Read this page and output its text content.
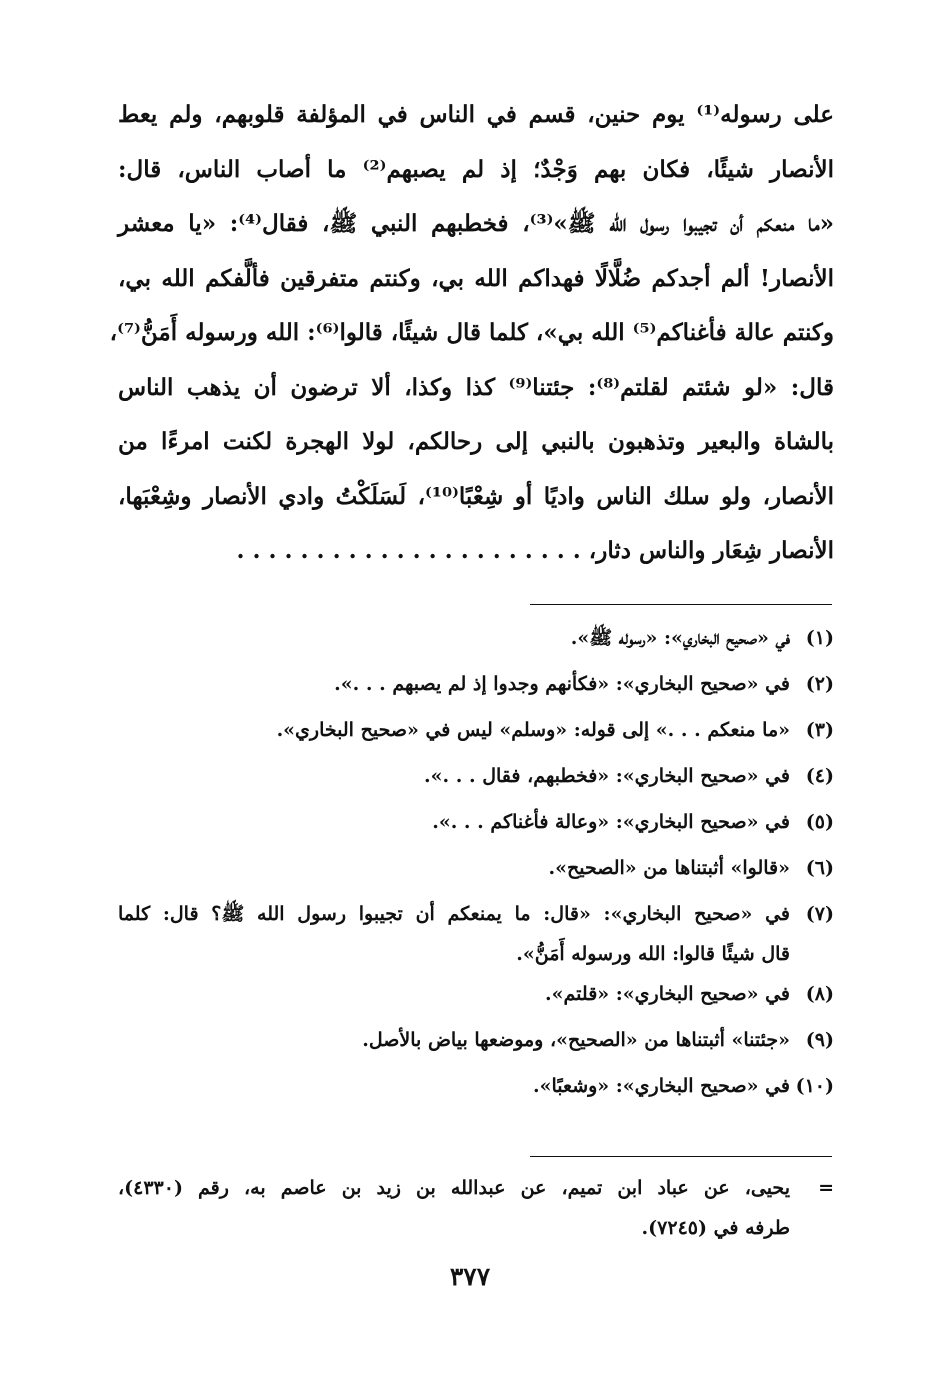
على رسوله⁽¹⁾ يوم حنين، قسم في الناس في المؤلفة قلوبهم، ولم يعط
الأنصار شيئًا، فكان بهم وَجْدٌ؛ إذ لم يصبهم⁽²⁾ ما أصاب الناس، قال:
«ما منعكم أن تجيبوا رسول الله ﷺ»⁽³⁾، فخطبهم النبي ﷺ، فقال⁽⁴⁾: «يا معشر
الأنصار! ألم أجدكم ضُلَّالًا فهداكم الله بي، وكنتم متفرقين فألَّفكم الله بي،
وكنتم عالة فأغناكم⁽⁵⁾ الله بي»، كلما قال شيئًا، قالوا⁽⁶⁾: الله ورسوله أَمَنُّ⁽⁷⁾،
قال: «لو شئتم لقلتم⁽⁸⁾: جئتنا⁽⁹⁾ كذا وكذا، ألا ترضون أن يذهب الناس
بالشاة والبعير وتذهبون بالنبي إلى رحالكم، لولا الهجرة لكنت امرءًا من
الأنصار، ولو سلك الناس واديًا أو شِعْبًا⁽¹⁰⁾، لَسَلَكْتُ وادي الأنصار وشِعْبَها،
الأنصار شِعَار والناس دثار، . . . . . . . . . . . . . . . . . . . . . .
(١)
في «صحيح البخاري»: «رسوله ﷺ».
(٢)
في «صحيح البخاري»: «فكأنهم وجدوا إذ لم يصبهم . . .».
(٣)
«ما منعكم . . .» إلى قوله: «وسلم» ليس في «صحيح البخاري».
(٤)
في «صحيح البخاري»: «فخطبهم، فقال . . .».
(٥)
في «صحيح البخاري»: «وعالة فأغناكم . . .».
(٦)
«قالوا» أثبتناها من «الصحيح».
(٧)
في «صحيح البخاري»: «قال: ما يمنعكم أن تجيبوا رسول الله ﷺ؟ قال: كلما
قال شيئًا قالوا: الله ورسوله أَمَنُّ».
(٨)
في «صحيح البخاري»: «قلتم».
(٩)
«جئتنا» أثبتناها من «الصحيح»، وموضعها بياض بالأصل.
(١٠)
في «صحيح البخاري»: «وشعبًا».
=
يحيى، عن عباد ابن تميم، عن عبدالله بن زيد بن عاصم به، رقم (٤٣٣٠)،
طرفه في (٧٢٤٥).
٣٧٧
